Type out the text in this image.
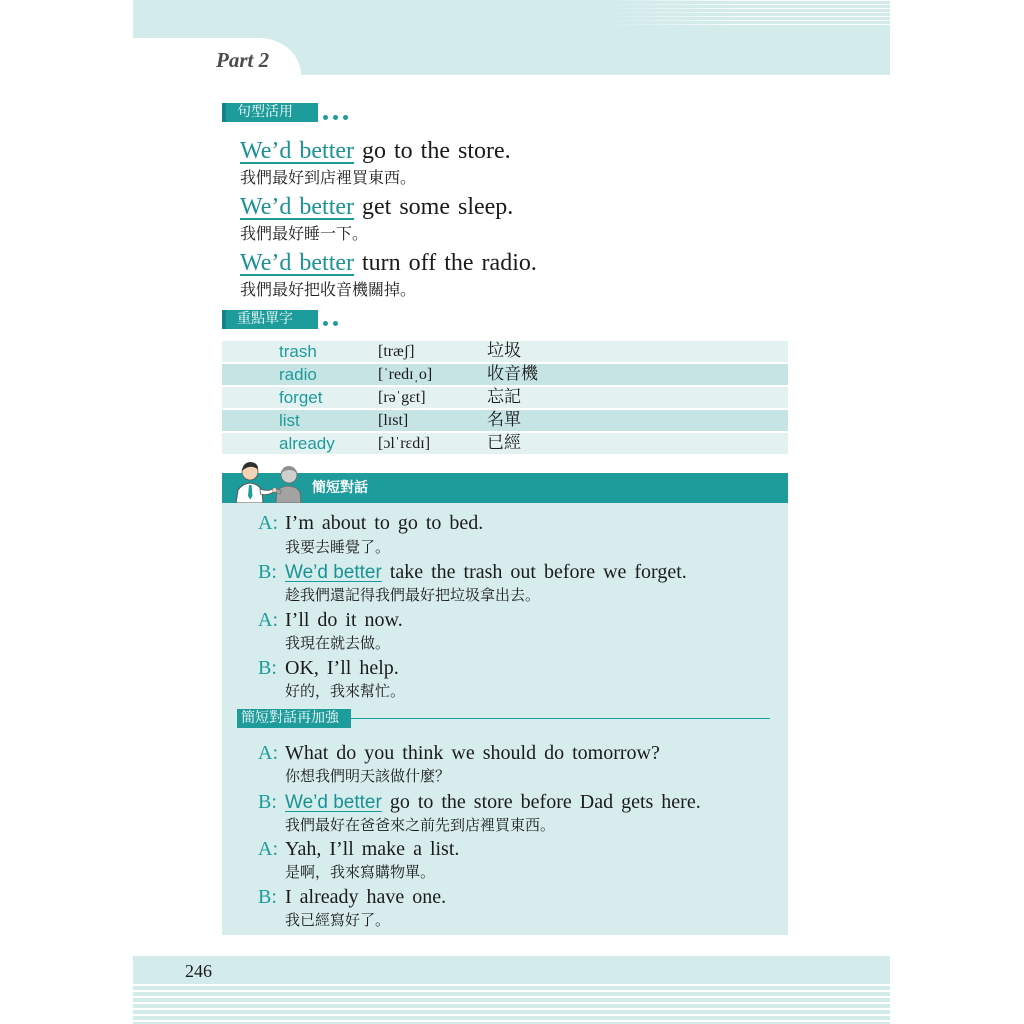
Part 2
句型活用
We’d better go to the store.
我們最好到店裡買東西。
We’d better get some sleep.
我們最好睡一下。
We’d better turn off the radio.
我們最好把收音機關掉。
重點單字
trash	[træʃ]	垃圾
radio	[ˈredɪˌo]	收音機
forget	[rəˈgɛt]	忘記
list	[lɪst]	名單
already	[ɔlˈrɛdɪ]	已經
簡短對話
A: I’m about to go to bed.
我要去睡覺了。
B: We’d better take the trash out before we forget.
趁我們還記得我們最好把垃圾拿出去。
A: I’ll do it now.
我現在就去做。
B: OK, I’ll help.
好的，我來幫忙。
簡短對話再加強
A: What do you think we should do tomorrow?
你想我們明天該做什麼？
B: We’d better go to the store before Dad gets here.
我們最好在爸爸來之前先到店裡買東西。
A: Yah, I’ll make a list.
是啊，我來寫購物單。
B: I already have one.
我已經寫好了。
246
